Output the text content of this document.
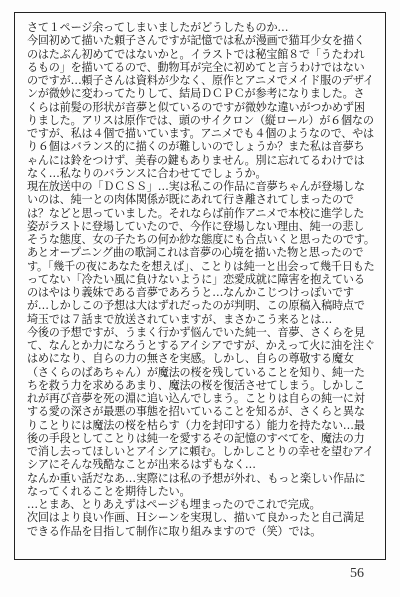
さて１ページ余ってしまいましたがどうしたものか…
今回初めて描いた頼子さんですが記憶では私が漫画で猫耳少女を描くのはたぶん初めてではないかと。イラストでは秘宝館８で「うたわれるもの」を描いてるので、動物耳が完全に初めてと言うわけではないのですが…頼子さんは資料が少なく、原作とアニメでメイド服のデザインが微妙に変わってたりして、結局ＤＣＰＣが参考になりました。さくらは前髪の形状が音夢と似ているのですが微妙な違いがつかめず困りました。アリスは原作では、頭のサイクロン（縦ロール）が６個なのですが、私は４個で描いています。アニメでも４個のようなので、やはり６個はバランス的に描くのが難しいのでしょうか？また私は音夢ちゃんには鈴をつけず、美春の鍵もありません。別に忘れてるわけではなく…私なりのバランスに合わせてでしょうか。

現在放送中の「ＤＣＳＳ」…実は私この作品に音夢ちゃんが登場しないのは、純一との肉体関係が既にあれて行き離されてしまったのでは？などと思っていました。それならば前作アニメで本校に進学した姿がラストに登場していたので、今作に登場しない理由、純一の悲しそうな態度、女の子たちの何か紗な態度にも合点いくと思ったのです。あとオープニング曲の歌詞これは音夢の心境を描いた物と思ったのです。「幾千の夜にあなたを想えば」、ことりは純一と出会って幾千日もたってない「冷たい風に負けないように」恋愛成就に障害を抱えているのはやはり義妹である音夢であろうと…なんかこじつけっぽいですが…しかしこの予想は大はずれだったのが判明、この原稿入稿時点で埼玉では７話まで放送されていますが、まさかこう来るとは…

今後の予想ですが、うまく行かず悩んでいた純一、音夢、さくらを見て、なんとか力になろうとするアイシアですが、かえって火に油を注ぐはめになり、自らの力の無さを実感。しかし、自らの尊敬する魔女（さくらのばあちゃん）が魔法の桜を残していることを知り、純一たちを救う力を求めるあまり、魔法の桜を復活させてしまう。しかしこれが再び音夢を死の淵に追い込んでしまう。ことりは自らの純一に対する愛の深さが最悪の事態を招いていることを知るが、さくらと異なりことりには魔法の桜を枯らす（力を封印する）能力を持たない…最後の手段としてことりは純一を愛するその記憶のすべてを、魔法の力で消し去ってほしいとアイシアに頼む。しかしことりの幸せを望むアイシアにそんな残酷なことが出来るはずもなく…
なんか重い話だなあ…実際には私の予想が外れ、もっと楽しい作品になってくれることを期待したい。
…とまあ、とりあえずはページも埋まったのでこれで完成。
次回はより良い作画、Ｈシーンを実現し、描いて良かったと自己満足できる作品を目指して制作に取り組みますので（笑）では。

56
